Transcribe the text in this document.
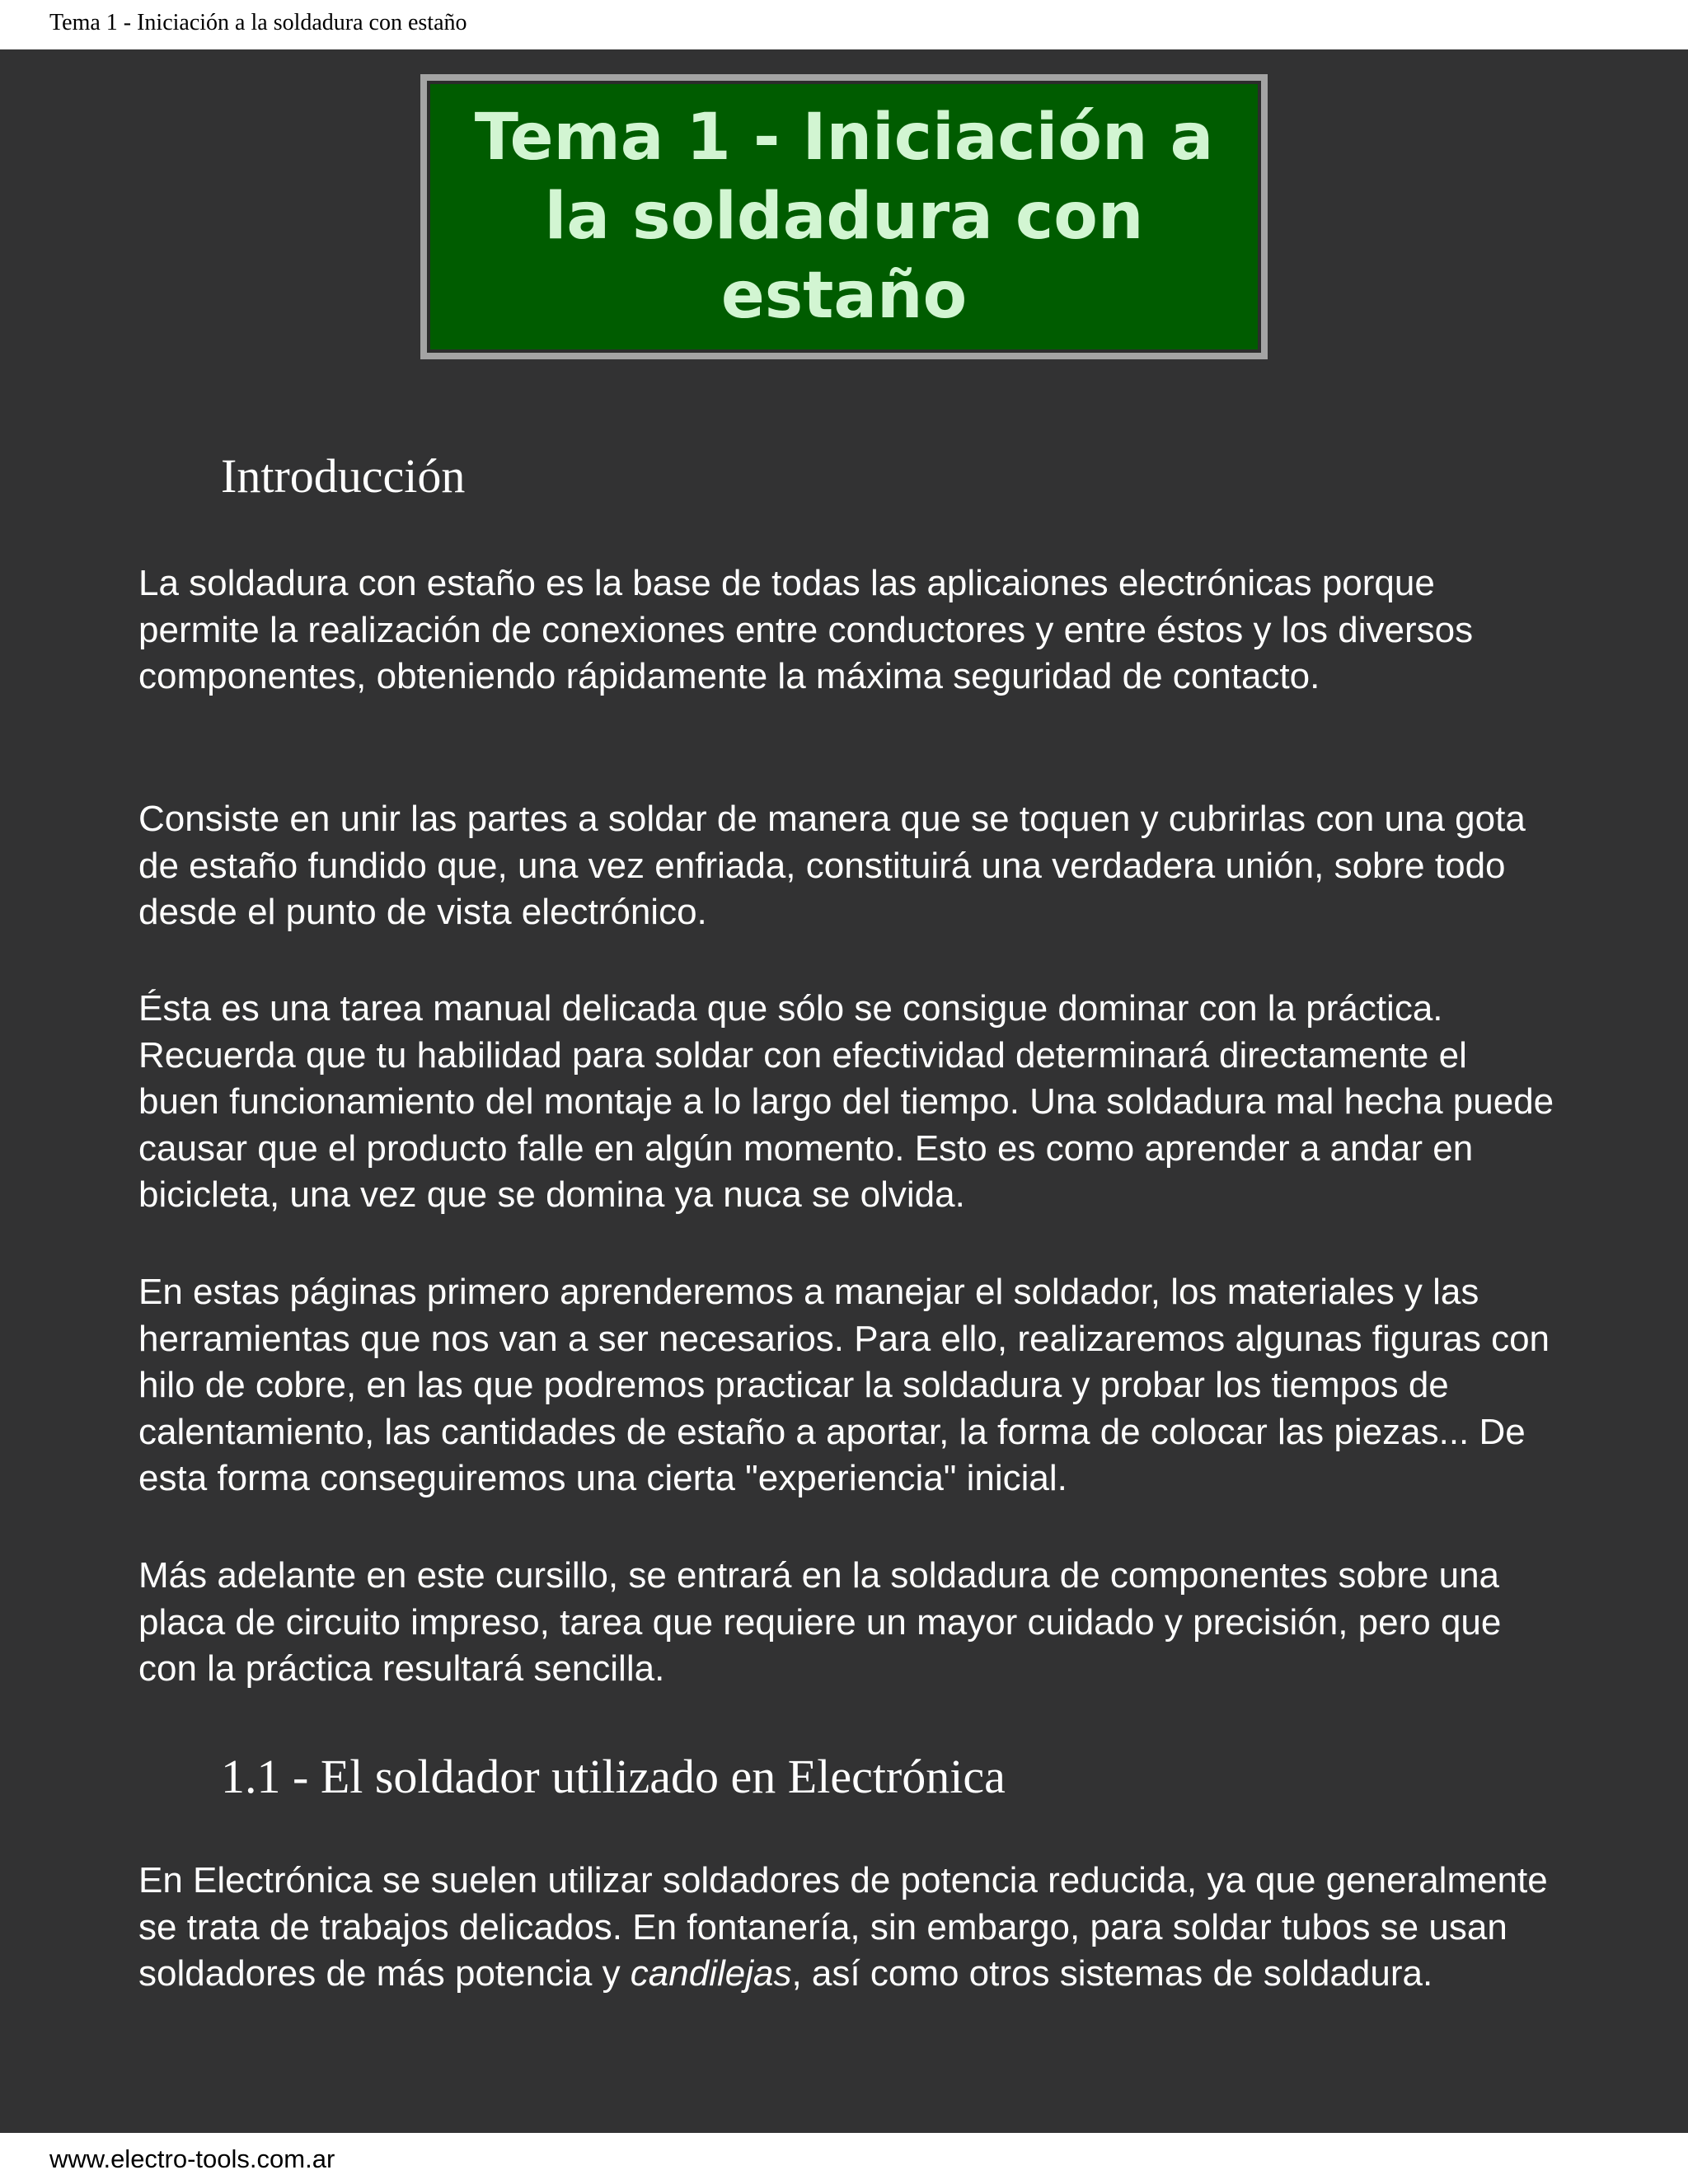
Tema 1 - Iniciación a la soldadura con estaño
Tema 1 - Iniciación a la soldadura con estaño
Introducción

La soldadura con estaño es la base de todas las aplicaiones electrónicas porque permite la realización de conexiones entre conductores y entre éstos y los diversos componentes, obteniendo rápidamente la máxima seguridad de contacto.

Consiste en unir las partes a soldar de manera que se toquen y cubrirlas con una gota de estaño fundido que, una vez enfriada, constituirá una verdadera unión, sobre todo desde el punto de vista electrónico.

Ésta es una tarea manual delicada que sólo se consigue dominar con la práctica. Recuerda que tu habilidad para soldar con efectividad determinará directamente el buen funcionamiento del montaje a lo largo del tiempo. Una soldadura mal hecha puede causar que el producto falle en algún momento. Esto es como aprender a andar en bicicleta, una vez que se domina ya nuca se olvida.

En estas páginas primero aprenderemos a manejar el soldador, los materiales y las herramientas que nos van a ser necesarios. Para ello, realizaremos algunas figuras con hilo de cobre, en las que podremos practicar la soldadura y probar los tiempos de calentamiento, las cantidades de estaño a aportar, la forma de colocar las piezas... De esta forma conseguiremos una cierta "experiencia" inicial.

Más adelante en este cursillo, se entrará en la soldadura de componentes sobre una placa de circuito impreso, tarea que requiere un mayor cuidado y precisión, pero que con la práctica resultará sencilla.

1.1 - El soldador utilizado en Electrónica

En Electrónica se suelen utilizar soldadores de potencia reducida, ya que generalmente se trata de trabajos delicados. En fontanería, sin embargo, para soldar tubos se usan soldadores de más potencia y candilejas, así como otros sistemas de soldadura.

www.electro-tools.com.ar
